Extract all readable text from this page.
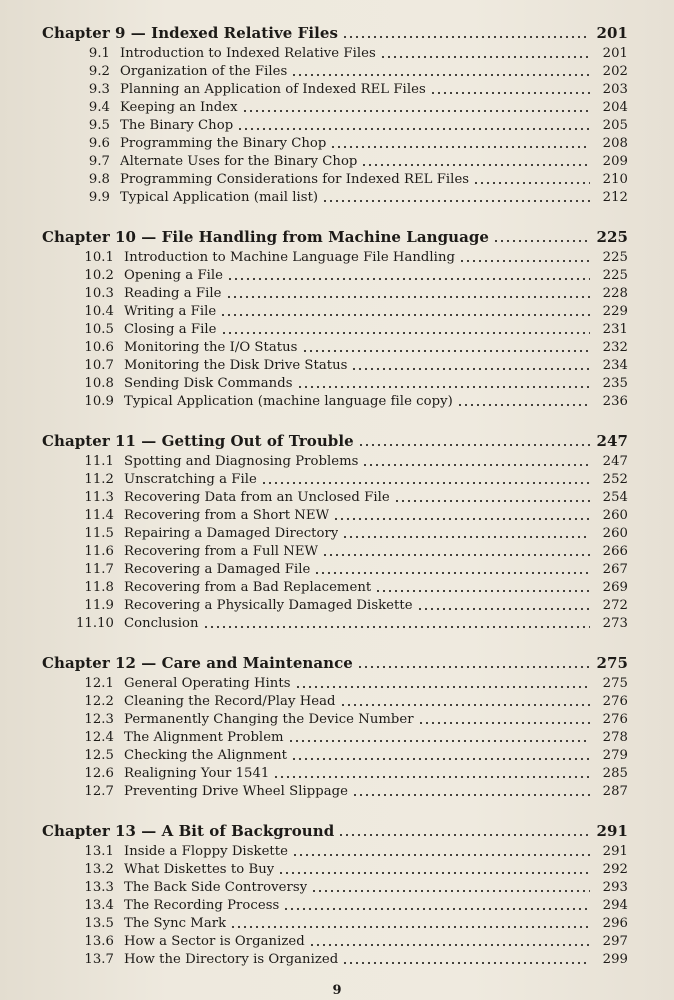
Chapter 9 — Indexed Relative Files	201
9.1 Introduction to Indexed Relative Files	201
9.2 Organization of the Files	202
9.3 Planning an Application of Indexed REL Files	203
9.4 Keeping an Index	204
9.5 The Binary Chop	205
9.6 Programming the Binary Chop	208
9.7 Alternate Uses for the Binary Chop	209
9.8 Programming Considerations for Indexed REL Files	210
9.9 Typical Application (mail list)	212
Chapter 10 — File Handling from Machine Language	225
10.1 Introduction to Machine Language File Handling	225
10.2 Opening a File	225
10.3 Reading a File	228
10.4 Writing a File	229
10.5 Closing a File	231
10.6 Monitoring the I/O Status	232
10.7 Monitoring the Disk Drive Status	234
10.8 Sending Disk Commands	235
10.9 Typical Application (machine language file copy)	236
Chapter 11 — Getting Out of Trouble	247
11.1 Spotting and Diagnosing Problems	247
11.2 Unscratching a File	252
11.3 Recovering Data from an Unclosed File	254
11.4 Recovering from a Short NEW	260
11.5 Repairing a Damaged Directory	260
11.6 Recovering from a Full NEW	266
11.7 Recovering a Damaged File	267
11.8 Recovering from a Bad Replacement	269
11.9 Recovering a Physically Damaged Diskette	272
11.10 Conclusion	273
Chapter 12 — Care and Maintenance	275
12.1 General Operating Hints	275
12.2 Cleaning the Record/Play Head	276
12.3 Permanently Changing the Device Number	276
12.4 The Alignment Problem	278
12.5 Checking the Alignment	279
12.6 Realigning Your 1541	285
12.7 Preventing Drive Wheel Slippage	287
Chapter 13 — A Bit of Background	291
13.1 Inside a Floppy Diskette	291
13.2 What Diskettes to Buy	292
13.3 The Back Side Controversy	293
13.4 The Recording Process	294
13.5 The Sync Mark	296
13.6 How a Sector is Organized	297
13.7 How the Directory is Organized	299
9
